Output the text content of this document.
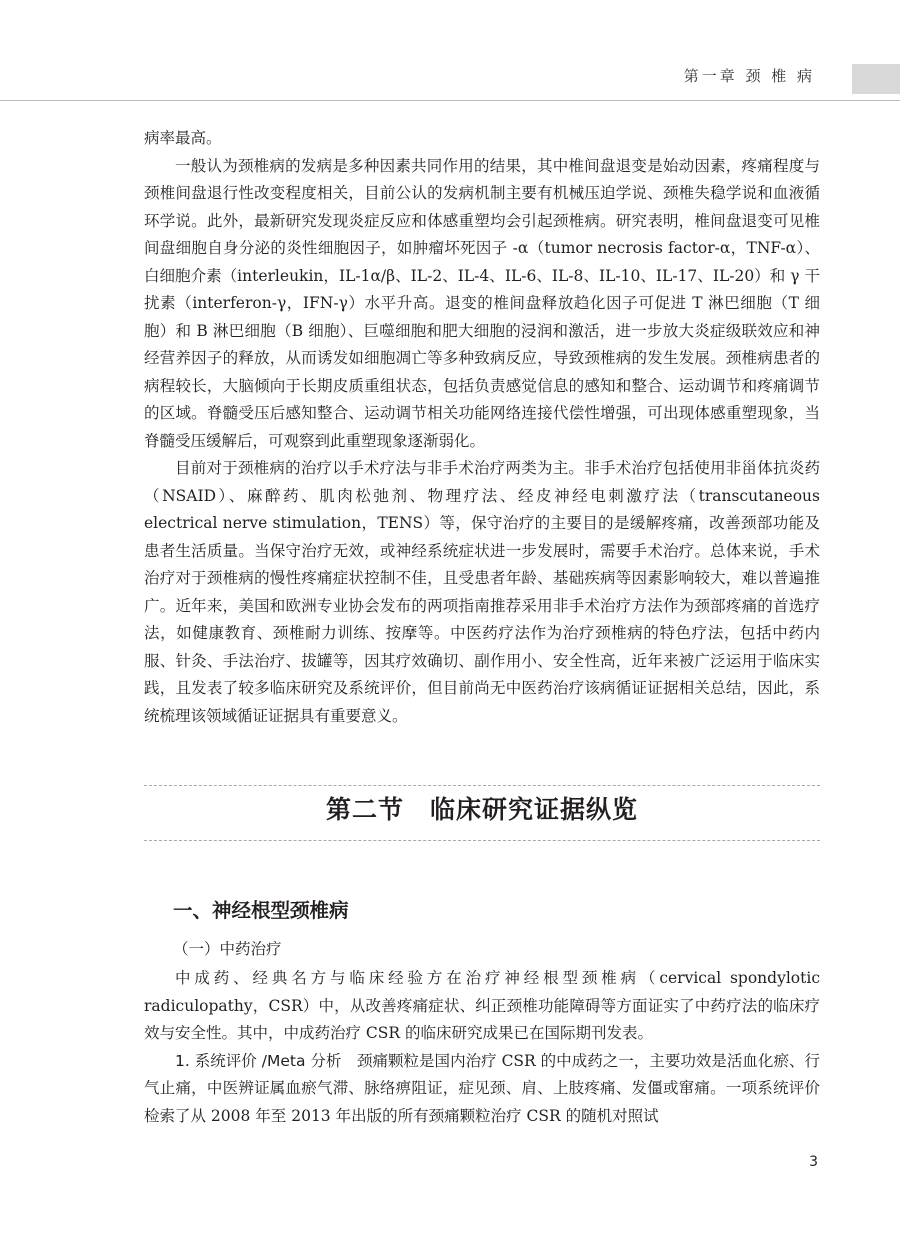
第一章 颈 椎 病

病率最高。

一般认为颈椎病的发病是多种因素共同作用的结果，其中椎间盘退变是始动因素，疼痛程度与颈椎间盘退行性改变程度相关，目前公认的发病机制主要有机械压迫学说、颈椎失稳学说和血液循环学说。此外，最新研究发现炎症反应和体感重塑均会引起颈椎病。研究表明，椎间盘退变可见椎间盘细胞自身分泌的炎性细胞因子，如肿瘤坏死因子 -α（tumor necrosis factor-α，TNF-α）、白细胞介素（interleukin，IL-1α/β、IL-2、IL-4、IL-6、IL-8、IL-10、IL-17、IL-20）和 γ 干扰素（interferon-γ，IFN-γ）水平升高。退变的椎间盘释放趋化因子可促进 T 淋巴细胞（T 细胞）和 B 淋巴细胞（B 细胞）、巨噬细胞和肥大细胞的浸润和激活，进一步放大炎症级联效应和神经营养因子的释放，从而诱发如细胞凋亡等多种致病反应，导致颈椎病的发生发展。颈椎病患者的病程较长，大脑倾向于长期皮质重组状态，包括负责感觉信息的感知和整合、运动调节和疼痛调节的区域。脊髓受压后感知整合、运动调节相关功能网络连接代偿性增强，可出现体感重塑现象，当脊髓受压缓解后，可观察到此重塑现象逐渐弱化。

目前对于颈椎病的治疗以手术疗法与非手术治疗两类为主。非手术治疗包括使用非甾体抗炎药（NSAID）、麻醉药、肌肉松弛剂、物理疗法、经皮神经电刺激疗法（transcutaneous electrical nerve stimulation，TENS）等，保守治疗的主要目的是缓解疼痛，改善颈部功能及患者生活质量。当保守治疗无效，或神经系统症状进一步发展时，需要手术治疗。总体来说，手术治疗对于颈椎病的慢性疼痛症状控制不佳，且受患者年龄、基础疾病等因素影响较大，难以普遍推广。近年来，美国和欧洲专业协会发布的两项指南推荐采用非手术治疗方法作为颈部疼痛的首选疗法，如健康教育、颈椎耐力训练、按摩等。中医药疗法作为治疗颈椎病的特色疗法，包括中药内服、针灸、手法治疗、拔罐等，因其疗效确切、副作用小、安全性高，近年来被广泛运用于临床实践，且发表了较多临床研究及系统评价，但目前尚无中医药治疗该病循证证据相关总结，因此，系统梳理该领域循证证据具有重要意义。

第二节　临床研究证据纵览
一、神经根型颈椎病
（一）中药治疗

中成药、经典名方与临床经验方在治疗神经根型颈椎病（cervical spondylotic radiculopathy，CSR）中，从改善疼痛症状、纠正颈椎功能障碍等方面证实了中药疗法的临床疗效与安全性。其中，中成药治疗 CSR 的临床研究成果已在国际期刊发表。

1. 系统评价 /Meta 分析 颈痛颗粒是国内治疗 CSR 的中成药之一，主要功效是活血化瘀、行气止痛，中医辨证属血瘀气滞、脉络痹阻证，症见颈、肩、上肢疼痛、发僵或窜痛。一项系统评价检索了从 2008 年至 2013 年出版的所有颈痛颗粒治疗 CSR 的随机对照试

3
